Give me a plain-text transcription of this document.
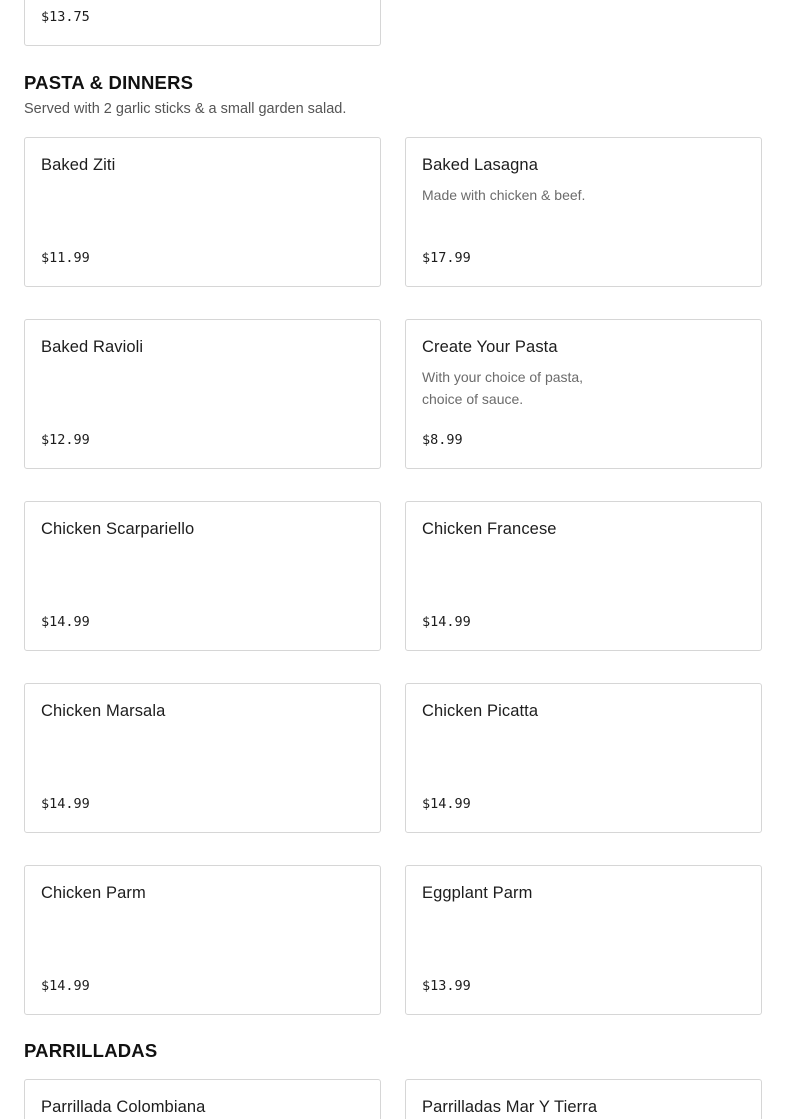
$13.75
PASTA & DINNERS
Served with 2 garlic sticks & a small garden salad.
Baked Ziti
$11.99
Baked Lasagna
Made with chicken & beef.
$17.99
Baked Ravioli
$12.99
Create Your Pasta
With your choice of pasta, choice of sauce.
$8.99
Chicken Scarpariello
$14.99
Chicken Francese
$14.99
Chicken Marsala
$14.99
Chicken Picatta
$14.99
Chicken Parm
$14.99
Eggplant Parm
$13.99
PARRILLADAS
Parrillada Colombiana	Parrilladas Mar Y Tierra
